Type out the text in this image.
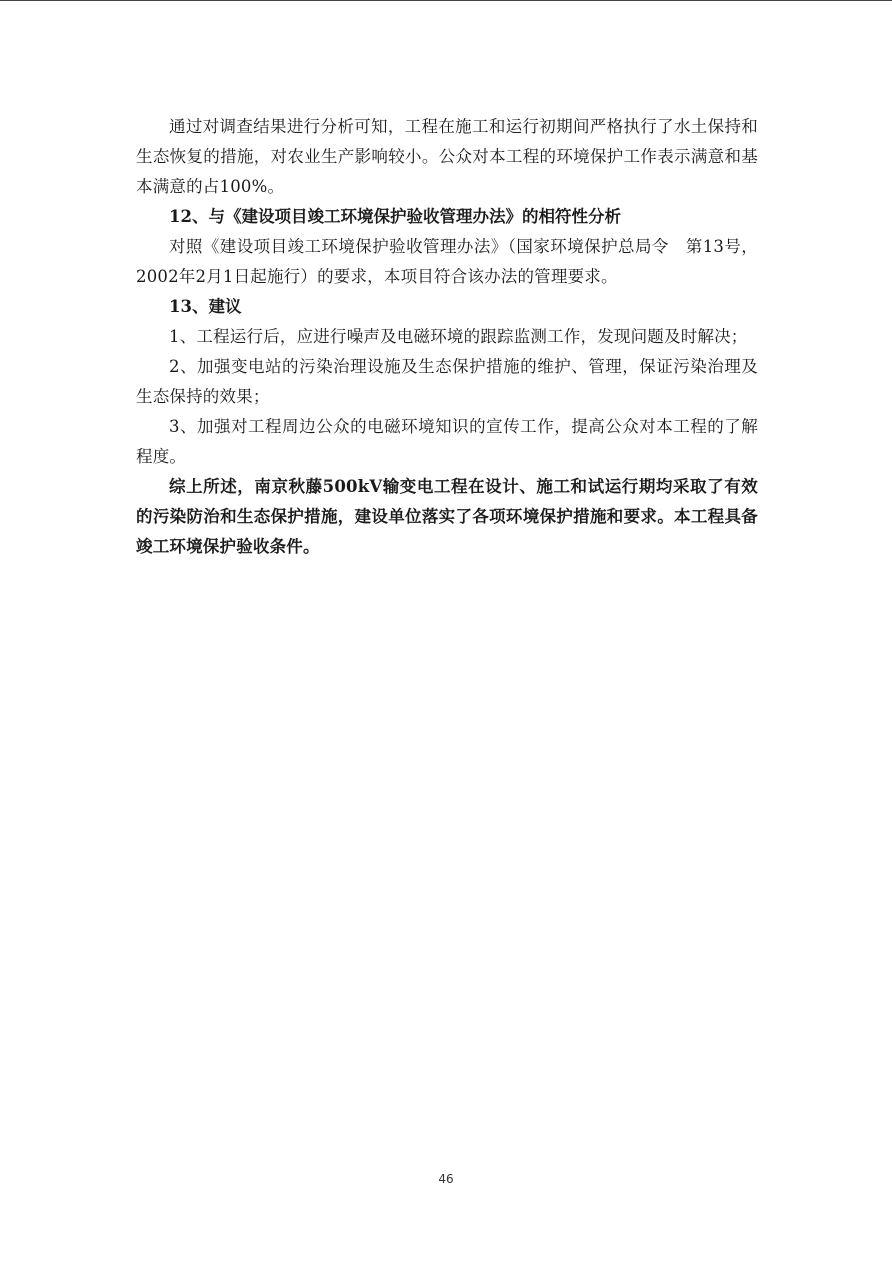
通过对调查结果进行分析可知，工程在施工和运行初期间严格执行了水土保持和生态恢复的措施，对农业生产影响较小。公众对本工程的环境保护工作表示满意和基本满意的占100%。

12、与《建设项目竣工环境保护验收管理办法》的相符性分析

对照《建设项目竣工环境保护验收管理办法》（国家环境保护总局令　第13号，2002年2月1日起施行）的要求，本项目符合该办法的管理要求。

13、建议

1、工程运行后，应进行噪声及电磁环境的跟踪监测工作，发现问题及时解决；

2、加强变电站的污染治理设施及生态保护措施的维护、管理，保证污染治理及生态保持的效果；

3、加强对工程周边公众的电磁环境知识的宣传工作，提高公众对本工程的了解程度。

综上所述，南京秋藤500kV输变电工程在设计、施工和试运行期均采取了有效的污染防治和生态保护措施，建设单位落实了各项环境保护措施和要求。本工程具备竣工环境保护验收条件。

46
